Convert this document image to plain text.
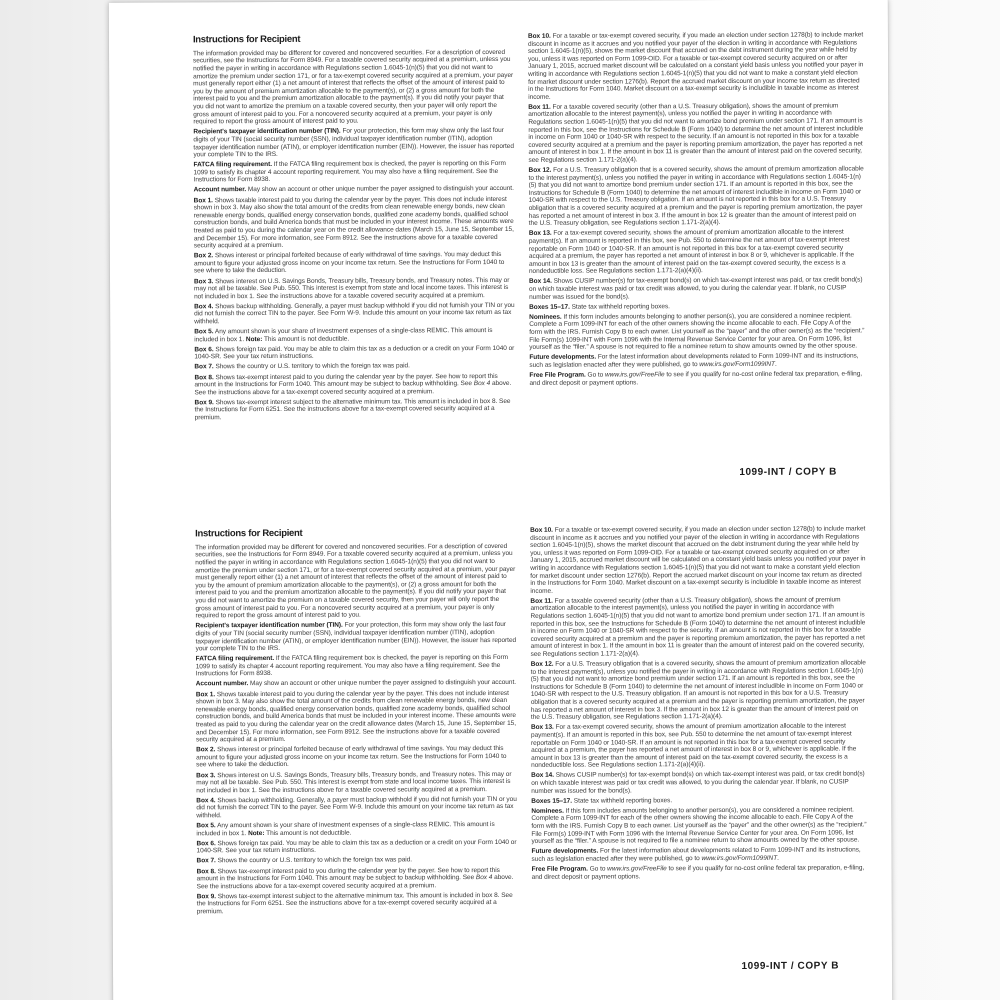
Instructions for Recipient

The information provided may be different for covered and noncovered securities. For a description of covered securities, see the Instructions for Form 8949. For a taxable covered security acquired at a premium, unless you notified the payer in writing in accordance with Regulations section 1.6045-1(n)(5) that you did not want to amortize the premium under section 171, or for a tax-exempt covered security acquired at a premium, your payer must generally report either (1) a net amount of interest that reflects the offset of the amount of interest paid to you by the amount of premium amortization allocable to the payment(s), or (2) a gross amount for both the interest paid to you and the premium amortization allocable to the payment(s). If you did notify your payer that you did not want to amortize the premium on a taxable covered security, then your payer will only report the gross amount of interest paid to you. For a noncovered security acquired at a premium, your payer is only required to report the gross amount of interest paid to you.

Recipient's taxpayer identification number (TIN). For your protection, this form may show only the last four digits of your TIN (social security number (SSN), individual taxpayer identification number (ITIN), adoption taxpayer identification number (ATIN), or employer identification number (EIN)). However, the issuer has reported your complete TIN to the IRS.

FATCA filing requirement. If the FATCA filing requirement box is checked, the payer is reporting on this Form 1099 to satisfy its chapter 4 account reporting requirement. You may also have a filing requirement. See the Instructions for Form 8938.

Account number. May show an account or other unique number the payer assigned to distinguish your account.

Box 1. Shows taxable interest paid to you during the calendar year by the payer. This does not include interest shown in box 3. May also show the total amount of the credits from clean renewable energy bonds, new clean renewable energy bonds, qualified energy conservation bonds, qualified zone academy bonds, qualified school construction bonds, and build America bonds that must be included in your interest income. These amounts were treated as paid to you during the calendar year on the credit allowance dates (March 15, June 15, September 15, and December 15). For more information, see Form 8912. See the instructions above for a taxable covered security acquired at a premium.

Box 2. Shows interest or principal forfeited because of early withdrawal of time savings. You may deduct this amount to figure your adjusted gross income on your income tax return. See the Instructions for Form 1040 to see where to take the deduction.

Box 3. Shows interest on U.S. Savings Bonds, Treasury bills, Treasury bonds, and Treasury notes. This may or may not all be taxable. See Pub. 550. This interest is exempt from state and local income taxes. This interest is not included in box 1. See the instructions above for a taxable covered security acquired at a premium.

Box 4. Shows backup withholding. Generally, a payer must backup withhold if you did not furnish your TIN or you did not furnish the correct TIN to the payer. See Form W-9. Include this amount on your income tax return as tax withheld.

Box 5. Any amount shown is your share of investment expenses of a single-class REMIC. This amount is included in box 1. Note: This amount is not deductible.

Box 6. Shows foreign tax paid. You may be able to claim this tax as a deduction or a credit on your Form 1040 or 1040-SR. See your tax return instructions.

Box 7. Shows the country or U.S. territory to which the foreign tax was paid.

Box 8. Shows tax-exempt interest paid to you during the calendar year by the payer. See how to report this amount in the Instructions for Form 1040. This amount may be subject to backup withholding. See Box 4 above. See the instructions above for a tax-exempt covered security acquired at a premium.

Box 9. Shows tax-exempt interest subject to the alternative minimum tax. This amount is included in box 8. See the Instructions for Form 6251. See the instructions above for a tax-exempt covered security acquired at a premium.

Box 10. For a taxable or tax-exempt covered security, if you made an election under section 1278(b) to include market discount in income as it accrues and you notified your payer of the election in writing in accordance with Regulations section 1.6045-1(n)(5), shows the market discount that accrued on the debt instrument during the year while held by you, unless it was reported on Form 1099-OID. For a taxable or tax-exempt covered security acquired on or after January 1, 2015, accrued market discount will be calculated on a constant yield basis unless you notified your payer in writing in accordance with Regulations section 1.6045-1(n)(5) that you did not want to make a constant yield election for market discount under section 1276(b). Report the accrued market discount on your income tax return as directed in the Instructions for Form 1040. Market discount on a tax-exempt security is includible in taxable income as interest income.

Box 11. For a taxable covered security (other than a U.S. Treasury obligation), shows the amount of premium amortization allocable to the interest payment(s), unless you notified the payer in writing in accordance with Regulations section 1.6045-1(n)(5) that you did not want to amortize bond premium under section 171. If an amount is reported in this box, see the Instructions for Schedule B (Form 1040) to determine the net amount of interest includible in income on Form 1040 or 1040-SR with respect to the security. If an amount is not reported in this box for a taxable covered security acquired at a premium and the payer is reporting premium amortization, the payer has reported a net amount of interest in box 1. If the amount in box 11 is greater than the amount of interest paid on the covered security, see Regulations section 1.171-2(a)(4).

Box 12. For a U.S. Treasury obligation that is a covered security, shows the amount of premium amortization allocable to the interest payment(s), unless you notified the payer in writing in accordance with Regulations section 1.6045-1(n)(5) that you did not want to amortize bond premium under section 171. If an amount is reported in this box, see the Instructions for Schedule B (Form 1040) to determine the net amount of interest includible in income on Form 1040 or 1040-SR with respect to the U.S. Treasury obligation. If an amount is not reported in this box for a U.S. Treasury obligation that is a covered security acquired at a premium and the payer is reporting premium amortization, the payer has reported a net amount of interest in box 3. If the amount in box 12 is greater than the amount of interest paid on the U.S. Treasury obligation, see Regulations section 1.171-2(a)(4).

Box 13. For a tax-exempt covered security, shows the amount of premium amortization allocable to the interest payment(s). If an amount is reported in this box, see Pub. 550 to determine the net amount of tax-exempt interest reportable on Form 1040 or 1040-SR. If an amount is not reported in this box for a tax-exempt covered security acquired at a premium, the payer has reported a net amount of interest in box 8 or 9, whichever is applicable. If the amount in box 13 is greater than the amount of interest paid on the tax-exempt covered security, the excess is a nondeductible loss. See Regulations section 1.171-2(a)(4)(ii).

Box 14. Shows CUSIP number(s) for tax-exempt bond(s) on which tax-exempt interest was paid, or tax credit bond(s) on which taxable interest was paid or tax credit was allowed, to you during the calendar year. If blank, no CUSIP number was issued for the bond(s).

Boxes 15–17. State tax withheld reporting boxes.

Nominees. If this form includes amounts belonging to another person(s), you are considered a nominee recipient. Complete a Form 1099-INT for each of the other owners showing the income allocable to each. File Copy A of the form with the IRS. Furnish Copy B to each owner. List yourself as the “payer” and the other owner(s) as the “recipient.” File Form(s) 1099-INT with Form 1096 with the Internal Revenue Service Center for your area. On Form 1096, list yourself as the “filer.” A spouse is not required to file a nominee return to show amounts owned by the other spouse.

Future developments. For the latest information about developments related to Form 1099-INT and its instructions, such as legislation enacted after they were published, go to www.irs.gov/Form1099INT.

Free File Program. Go to www.irs.gov/FreeFile to see if you qualify for no-cost online federal tax preparation, e-filing, and direct deposit or payment options.

1099-INT / COPY B
Instructions for Recipient

The information provided may be different for covered and noncovered securities. For a description of covered securities, see the Instructions for Form 8949. For a taxable covered security acquired at a premium, unless you notified the payer in writing in accordance with Regulations section 1.6045-1(n)(5) that you did not want to amortize the premium under section 171, or for a tax-exempt covered security acquired at a premium, your payer must generally report either (1) a net amount of interest that reflects the offset of the amount of interest paid to you by the amount of premium amortization allocable to the payment(s), or (2) a gross amount for both the interest paid to you and the premium amortization allocable to the payment(s). If you did notify your payer that you did not want to amortize the premium on a taxable covered security, then your payer will only report the gross amount of interest paid to you. For a noncovered security acquired at a premium, your payer is only required to report the gross amount of interest paid to you.

Recipient's taxpayer identification number (TIN). For your protection, this form may show only the last four digits of your TIN (social security number (SSN), individual taxpayer identification number (ITIN), adoption taxpayer identification number (ATIN), or employer identification number (EIN)). However, the issuer has reported your complete TIN to the IRS.

FATCA filing requirement. If the FATCA filing requirement box is checked, the payer is reporting on this Form 1099 to satisfy its chapter 4 account reporting requirement. You may also have a filing requirement. See the Instructions for Form 8938.

Account number. May show an account or other unique number the payer assigned to distinguish your account.

Box 1. Shows taxable interest paid to you during the calendar year by the payer. This does not include interest shown in box 3. May also show the total amount of the credits from clean renewable energy bonds, new clean renewable energy bonds, qualified energy conservation bonds, qualified zone academy bonds, qualified school construction bonds, and build America bonds that must be included in your interest income. These amounts were treated as paid to you during the calendar year on the credit allowance dates (March 15, June 15, September 15, and December 15). For more information, see Form 8912. See the instructions above for a taxable covered security acquired at a premium.

Box 2. Shows interest or principal forfeited because of early withdrawal of time savings. You may deduct this amount to figure your adjusted gross income on your income tax return. See the Instructions for Form 1040 to see where to take the deduction.

Box 3. Shows interest on U.S. Savings Bonds, Treasury bills, Treasury bonds, and Treasury notes. This may or may not all be taxable. See Pub. 550. This interest is exempt from state and local income taxes. This interest is not included in box 1. See the instructions above for a taxable covered security acquired at a premium.

Box 4. Shows backup withholding. Generally, a payer must backup withhold if you did not furnish your TIN or you did not furnish the correct TIN to the payer. See Form W-9. Include this amount on your income tax return as tax withheld.

Box 5. Any amount shown is your share of investment expenses of a single-class REMIC. This amount is included in box 1. Note: This amount is not deductible.

Box 6. Shows foreign tax paid. You may be able to claim this tax as a deduction or a credit on your Form 1040 or 1040-SR. See your tax return instructions.

Box 7. Shows the country or U.S. territory to which the foreign tax was paid.

Box 8. Shows tax-exempt interest paid to you during the calendar year by the payer. See how to report this amount in the Instructions for Form 1040. This amount may be subject to backup withholding. See Box 4 above. See the instructions above for a tax-exempt covered security acquired at a premium.

Box 9. Shows tax-exempt interest subject to the alternative minimum tax. This amount is included in box 8. See the Instructions for Form 6251. See the instructions above for a tax-exempt covered security acquired at a premium.

Box 10. For a taxable or tax-exempt covered security, if you made an election under section 1278(b) to include market discount in income as it accrues and you notified your payer of the election in writing in accordance with Regulations section 1.6045-1(n)(5), shows the market discount that accrued on the debt instrument during the year while held by you, unless it was reported on Form 1099-OID. For a taxable or tax-exempt covered security acquired on or after January 1, 2015, accrued market discount will be calculated on a constant yield basis unless you notified your payer in writing in accordance with Regulations section 1.6045-1(n)(5) that you did not want to make a constant yield election for market discount under section 1276(b). Report the accrued market discount on your income tax return as directed in the Instructions for Form 1040. Market discount on a tax-exempt security is includible in taxable income as interest income.

Box 11. For a taxable covered security (other than a U.S. Treasury obligation), shows the amount of premium amortization allocable to the interest payment(s), unless you notified the payer in writing in accordance with Regulations section 1.6045-1(n)(5) that you did not want to amortize bond premium under section 171. If an amount is reported in this box, see the Instructions for Schedule B (Form 1040) to determine the net amount of interest includible in income on Form 1040 or 1040-SR with respect to the security. If an amount is not reported in this box for a taxable covered security acquired at a premium and the payer is reporting premium amortization, the payer has reported a net amount of interest in box 1. If the amount in box 11 is greater than the amount of interest paid on the covered security, see Regulations section 1.171-2(a)(4).

Box 12. For a U.S. Treasury obligation that is a covered security, shows the amount of premium amortization allocable to the interest payment(s), unless you notified the payer in writing in accordance with Regulations section 1.6045-1(n)(5) that you did not want to amortize bond premium under section 171. If an amount is reported in this box, see the Instructions for Schedule B (Form 1040) to determine the net amount of interest includible in income on Form 1040 or 1040-SR with respect to the U.S. Treasury obligation. If an amount is not reported in this box for a U.S. Treasury obligation that is a covered security acquired at a premium and the payer is reporting premium amortization, the payer has reported a net amount of interest in box 3. If the amount in box 12 is greater than the amount of interest paid on the U.S. Treasury obligation, see Regulations section 1.171-2(a)(4).

Box 13. For a tax-exempt covered security, shows the amount of premium amortization allocable to the interest payment(s). If an amount is reported in this box, see Pub. 550 to determine the net amount of tax-exempt interest reportable on Form 1040 or 1040-SR. If an amount is not reported in this box for a tax-exempt covered security acquired at a premium, the payer has reported a net amount of interest in box 8 or 9, whichever is applicable. If the amount in box 13 is greater than the amount of interest paid on the tax-exempt covered security, the excess is a nondeductible loss. See Regulations section 1.171-2(a)(4)(ii).

Box 14. Shows CUSIP number(s) for tax-exempt bond(s) on which tax-exempt interest was paid, or tax credit bond(s) on which taxable interest was paid or tax credit was allowed, to you during the calendar year. If blank, no CUSIP number was issued for the bond(s).

Boxes 15–17. State tax withheld reporting boxes.

Nominees. If this form includes amounts belonging to another person(s), you are considered a nominee recipient. Complete a Form 1099-INT for each of the other owners showing the income allocable to each. File Copy A of the form with the IRS. Furnish Copy B to each owner. List yourself as the “payer” and the other owner(s) as the “recipient.” File Form(s) 1099-INT with Form 1096 with the Internal Revenue Service Center for your area. On Form 1096, list yourself as the “filer.” A spouse is not required to file a nominee return to show amounts owned by the other spouse.

Future developments. For the latest information about developments related to Form 1099-INT and its instructions, such as legislation enacted after they were published, go to www.irs.gov/Form1099INT.

Free File Program. Go to www.irs.gov/FreeFile to see if you qualify for no-cost online federal tax preparation, e-filing, and direct deposit or payment options.

1099-INT / COPY B
